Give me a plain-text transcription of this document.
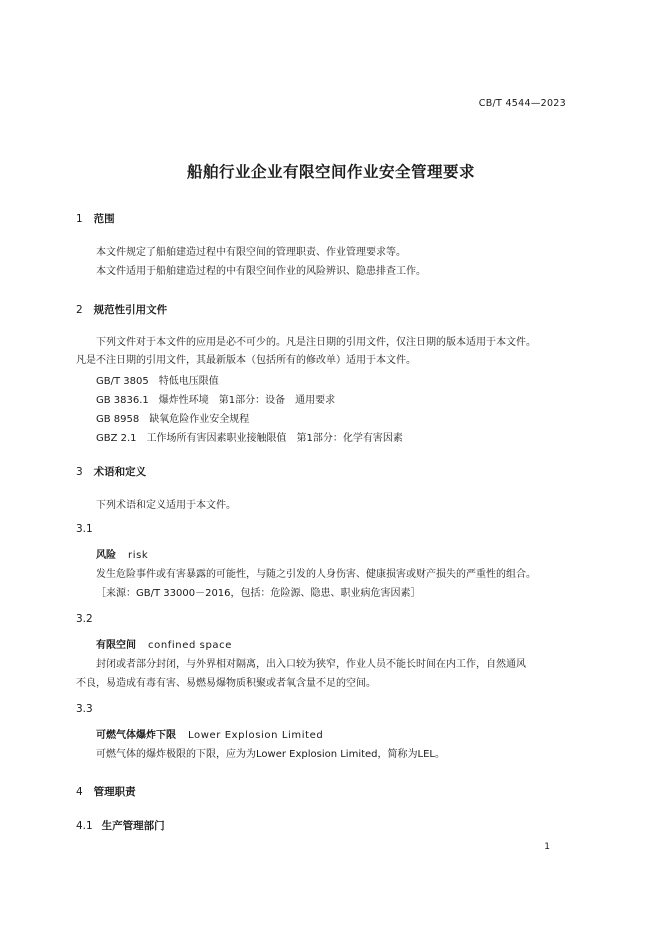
CB/T 4544—2023
船舶行业企业有限空间作业安全管理要求
1 范围
本文件规定了船舶建造过程中有限空间的管理职责、作业管理要求等。
本文件适用于船舶建造过程的中有限空间作业的风险辨识、隐患排查工作。
2 规范性引用文件
下列文件对于本文件的应用是必不可少的。凡是注日期的引用文件，仅注日期的版本适用于本文件。
凡是不注日期的引用文件，其最新版本（包括所有的修改单）适用于本文件。
GB/T 3805　特低电压限值
GB 3836.1　爆炸性环境　第1部分：设备　通用要求
GB 8958　缺氧危险作业安全规程
GBZ 2.1　工作场所有害因素职业接触限值　第1部分：化学有害因素
3 术语和定义
下列术语和定义适用于本文件。
3.1
风险 risk
发生危险事件或有害暴露的可能性，与随之引发的人身伤害、健康损害或财产损失的严重性的组合。
［来源：GB/T 33000－2016，包括：危险源、隐患、职业病危害因素］
3.2
有限空间 confined space
封闭或者部分封闭，与外界相对隔离，出入口较为狭窄，作业人员不能长时间在内工作，自然通风
不良，易造成有毒有害、易燃易爆物质积聚或者氧含量不足的空间。
3.3
可燃气体爆炸下限 Lower Explosion Limited
可燃气体的爆炸极限的下限，应为为Lower Explosion Limited，简称为LEL。
4 管理职责
4.1 生产管理部门
1
